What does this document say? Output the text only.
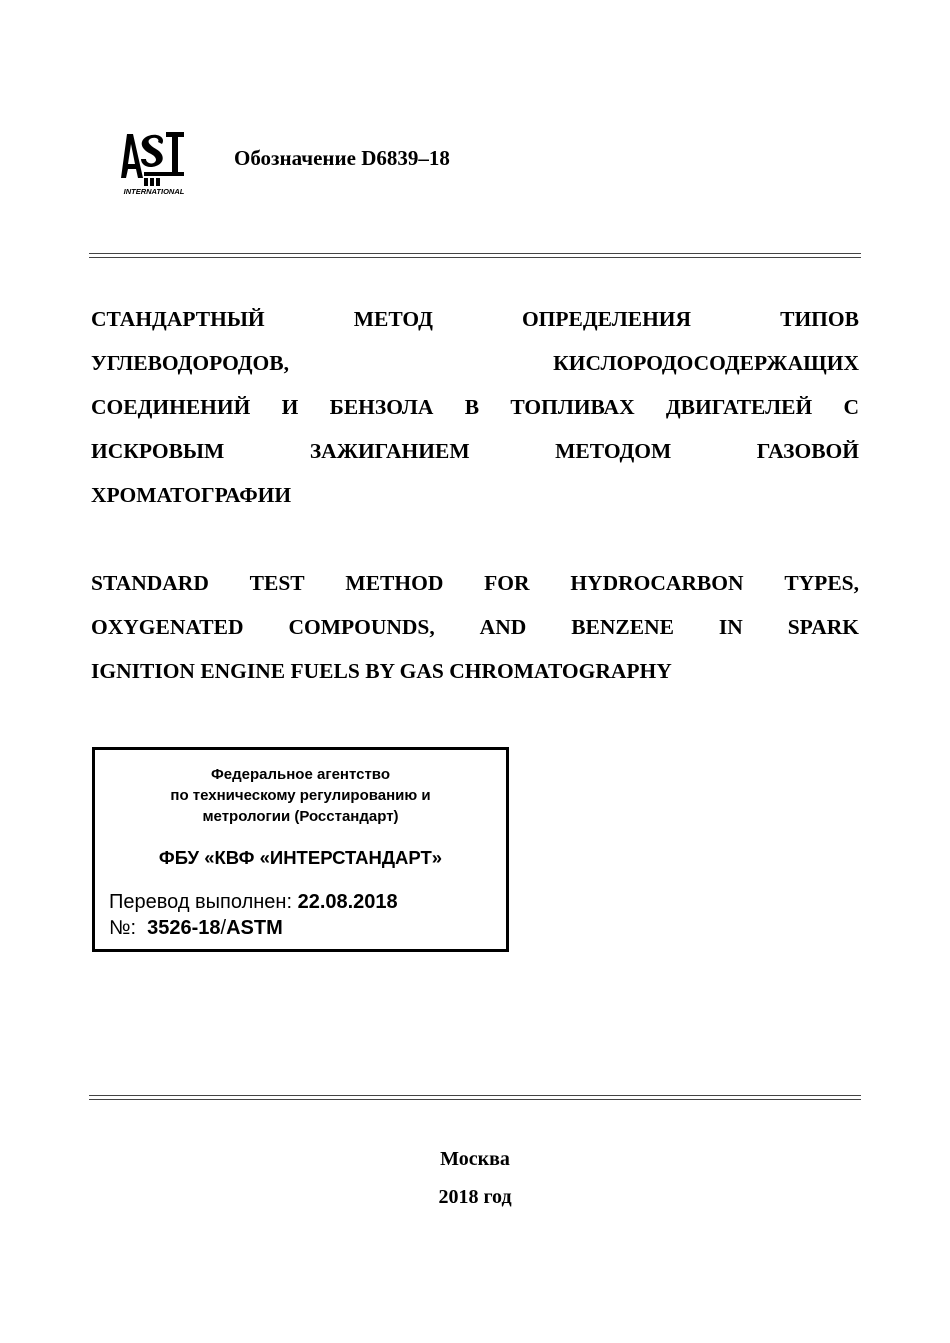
INTERNATIONAL
Обозначение D6839–18
СТАНДАРТНЫЙ	МЕТОД	ОПРЕДЕЛЕНИЯ	ТИПОВ
УГЛЕВОДОРОДОВ,	КИСЛОРОДОСОДЕРЖАЩИХ
СОЕДИНЕНИЙ И БЕНЗОЛА В ТОПЛИВАХ ДВИГАТЕЛЕЙ С
ИСКРОВЫМ	ЗАЖИГАНИЕМ	МЕТОДОМ	ГАЗОВОЙ
ХРОМАТОГРАФИИ
STANDARD TEST METHOD FOR HYDROCARBON TYPES,
OXYGENATED COMPOUNDS, AND BENZENE IN SPARK
IGNITION ENGINE FUELS BY GAS CHROMATOGRAPHY
Федеральное агентство
по техническому регулированию и
метрологии (Росстандарт)
ФБУ «КВФ «ИНТЕРСТАНДАРТ»
Перевод выполнен: 22.08.2018
№: 3526-18/ASTM
Москва
2018 год
